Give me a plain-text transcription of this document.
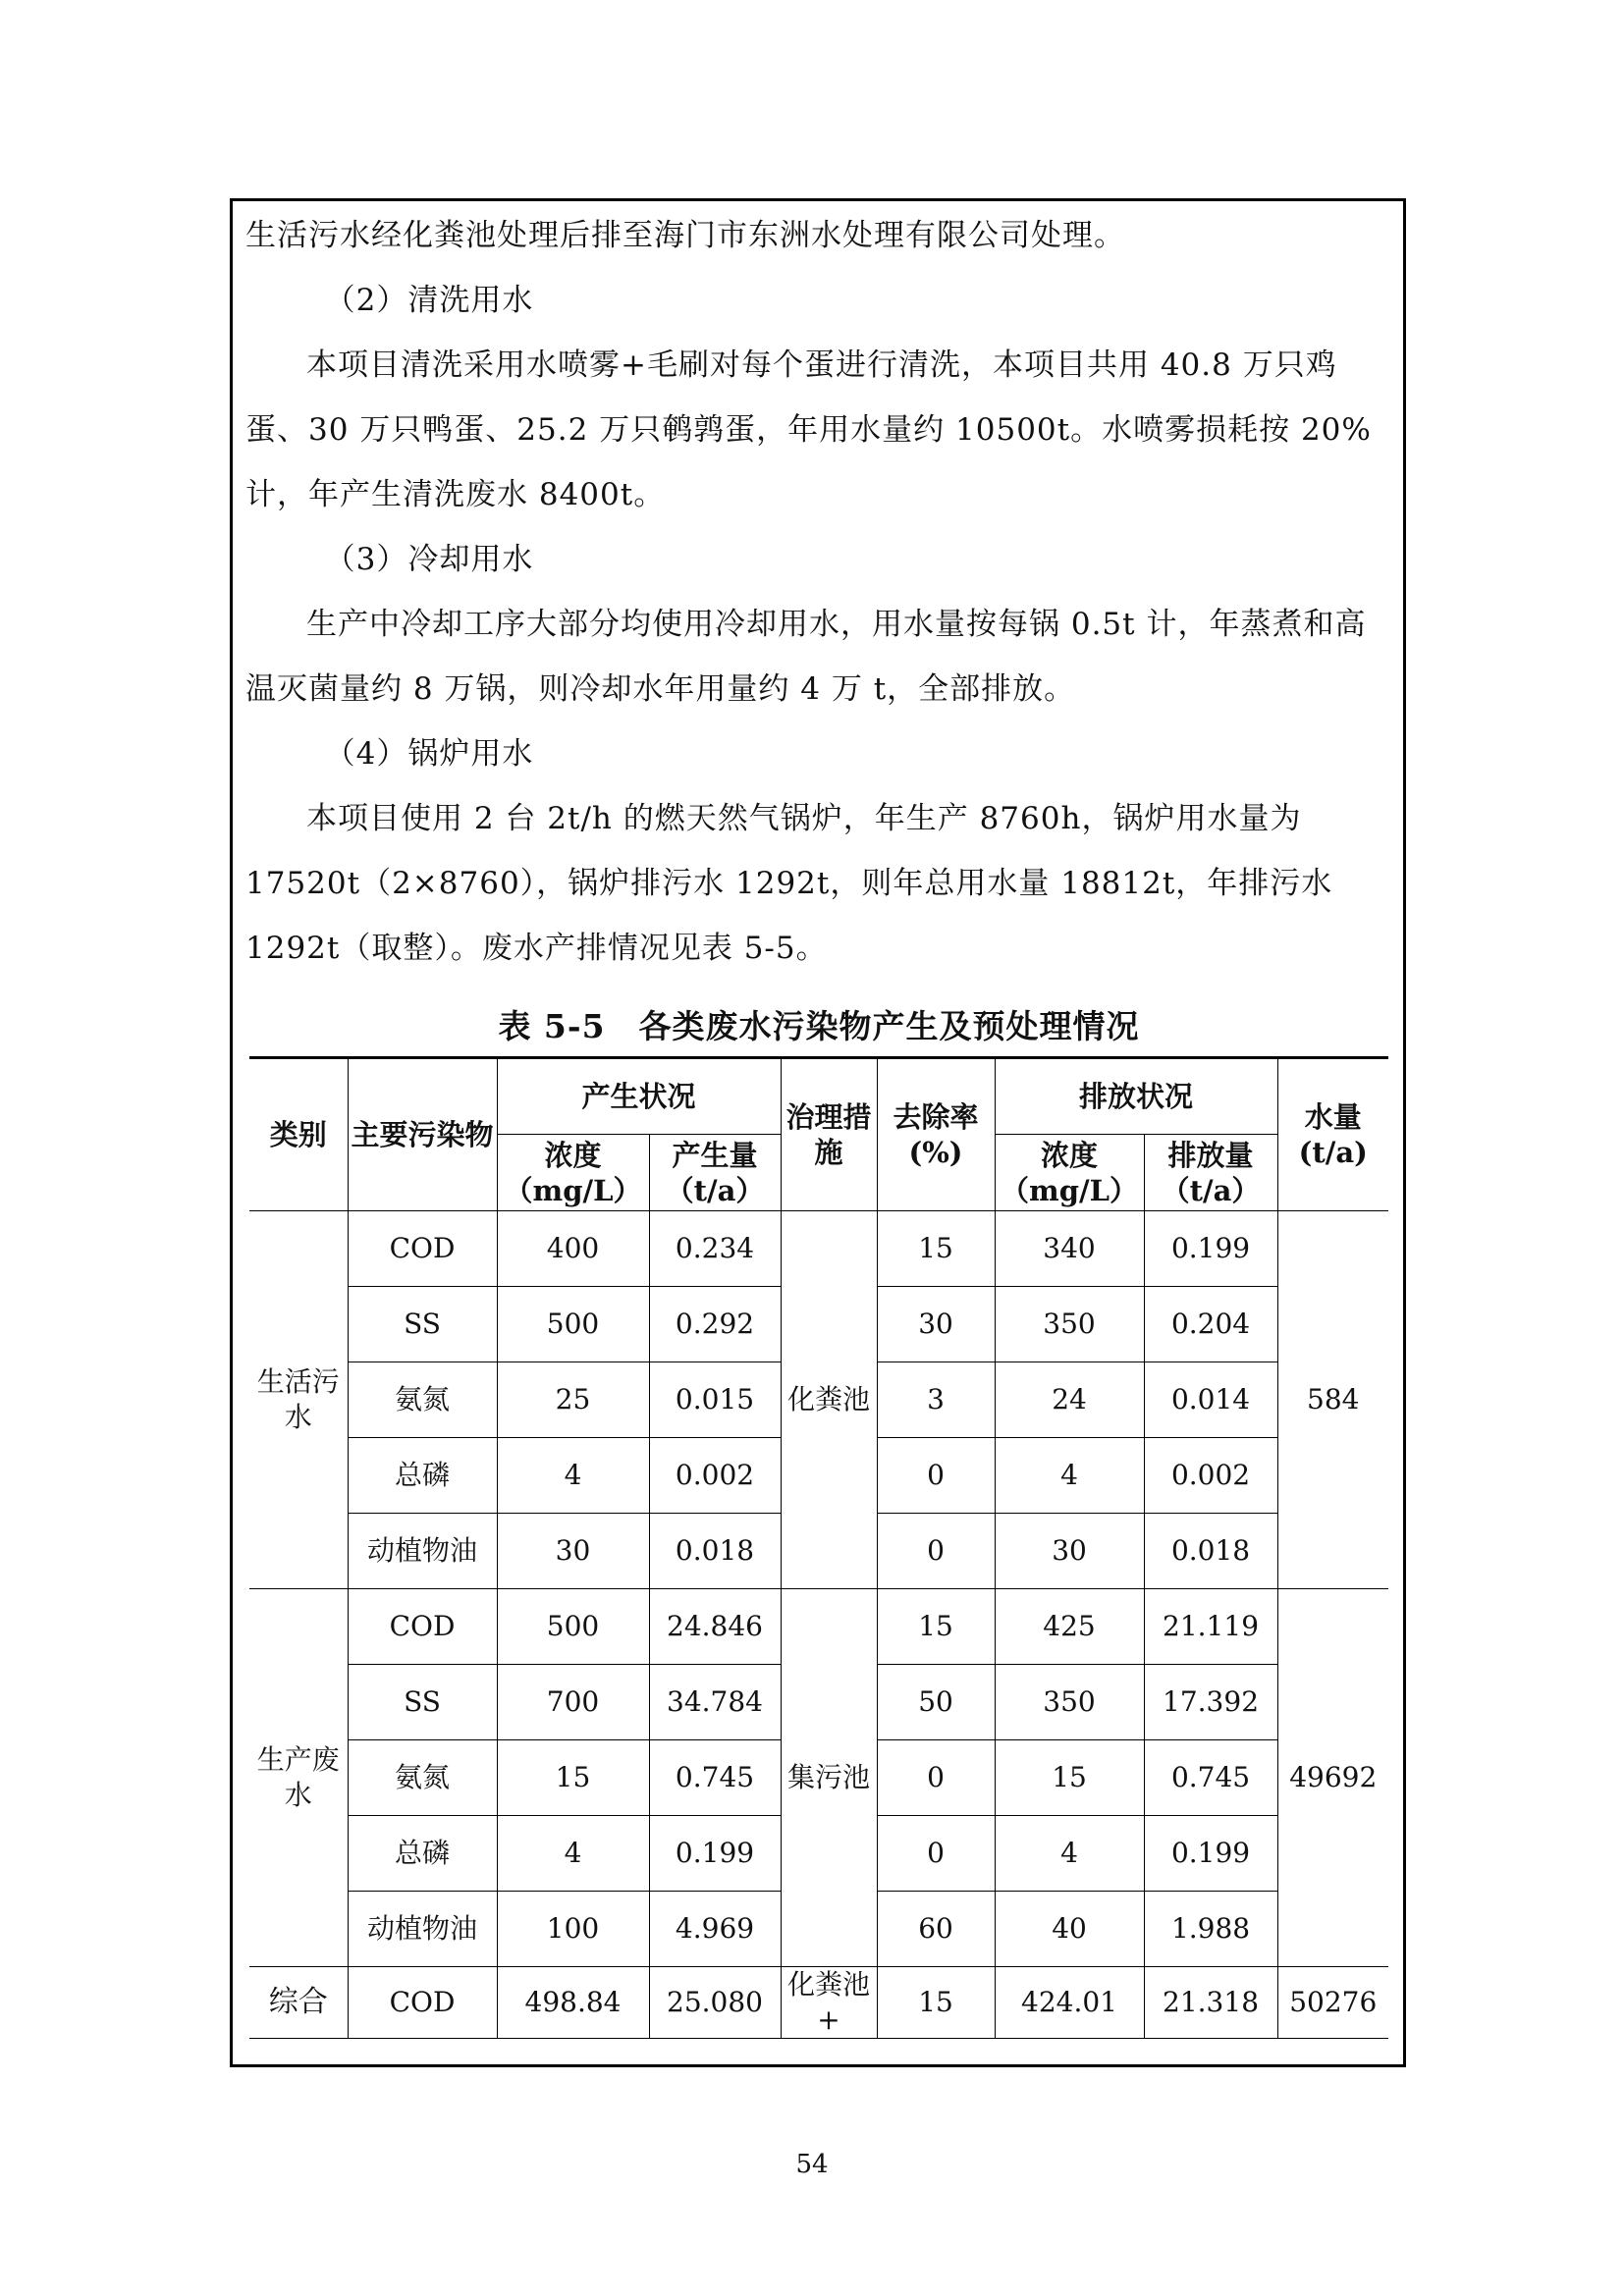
生活污水经化粪池处理后排至海门市东洲水处理有限公司处理。

（2）清洗用水

本项目清洗采用水喷雾+毛刷对每个蛋进行清洗，本项目共用 40.8 万只鸡蛋、30 万只鸭蛋、25.2 万只鹌鹑蛋，年用水量约 10500t。水喷雾损耗按 20%计，年产生清洗废水 8400t。

（3）冷却用水

生产中冷却工序大部分均使用冷却用水，用水量按每锅 0.5t 计，年蒸煮和高温灭菌量约 8 万锅，则冷却水年用量约 4 万 t，全部排放。

（4）锅炉用水

本项目使用 2 台 2t/h 的燃天然气锅炉，年生产 8760h，锅炉用水量为 17520t（2×8760），锅炉排污水 1292t，则年总用水量 18812t，年排污水 1292t（取整）。废水产排情况见表 5-5。

表 5-5　各类废水污染物产生及预处理情况

类别	主要污染物	产生状况		治理措施	去除率(%)	排放状况		水量(t/a)
		浓度（mg/L）	产生量（t/a）			浓度（mg/L）	排放量（t/a）	
生活污水	COD	400	0.234	化粪池	15	340	0.199	584
	SS	500	0.292		30	350	0.204	
	氨氮	25	0.015		3	24	0.014	
	总磷	4	0.002		0	4	0.002	
	动植物油	30	0.018		0	30	0.018	
生产废水	COD	500	24.846	集污池	15	425	21.119	49692
	SS	700	34.784		50	350	17.392	
	氨氮	15	0.745		0	15	0.745	
	总磷	4	0.199		0	4	0.199	
	动植物油	100	4.969		60	40	1.988	
综合	COD	498.84	25.080	化粪池+	15	424.01	21.318	50276
54
